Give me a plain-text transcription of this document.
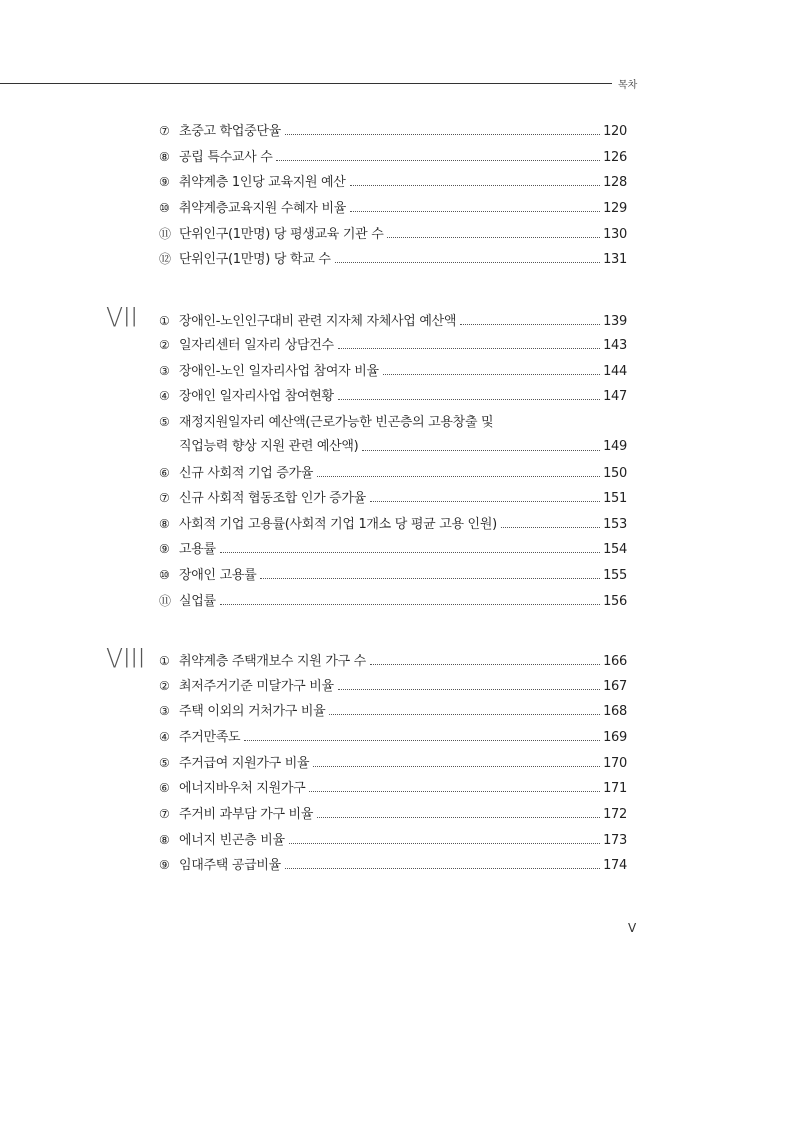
목차
⑦ 초중고 학업중단율	120
⑧ 공립 특수교사 수	126
⑨ 취약계층 1인당 교육지원 예산	128
⑩ 취약계층교육지원 수혜자 비율	129
⑪ 단위인구(1만명) 당 평생교육 기관 수	130
⑫ 단위인구(1만명) 당 학교 수	131
VII ① 장애인-노인인구대비 관련 지자체 자체사업 예산액	139
② 일자리센터 일자리 상담건수	143
③ 장애인-노인 일자리사업 참여자 비율	144
④ 장애인 일자리사업 참여현황	147
⑤ 재정지원일자리 예산액(근로가능한 빈곤층의 고용창출 및
직업능력 향상 지원 관련 예산액)	149
⑥ 신규 사회적 기업 증가율	150
⑦ 신규 사회적 협동조합 인가 증가율	151
⑧ 사회적 기업 고용률(사회적 기업 1개소 당 평균 고용 인원)	153
⑨ 고용률	154
⑩ 장애인 고용률	155
⑪ 실업률	156
VIII ① 취약계층 주택개보수 지원 가구 수	166
② 최저주거기준 미달가구 비율	167
③ 주택 이외의 거처가구 비율	168
④ 주거만족도	169
⑤ 주거급여 지원가구 비율	170
⑥ 에너지바우처 지원가구	171
⑦ 주거비 과부담 가구 비율	172
⑧ 에너지 빈곤층 비율	173
⑨ 임대주택 공급비율	174
V
